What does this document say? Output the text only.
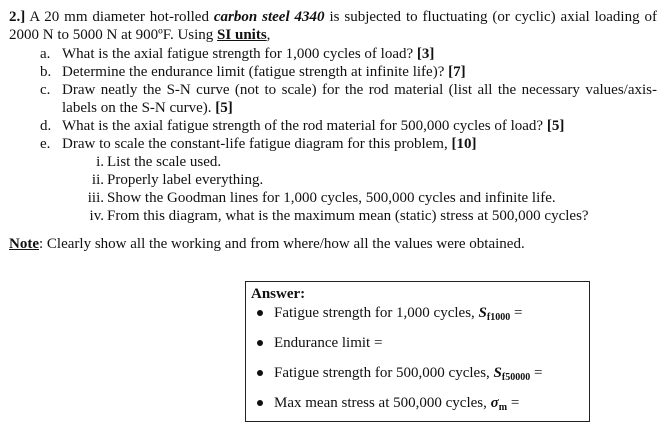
2.] A 20 mm diameter hot-rolled carbon steel 4340 is subjected to fluctuating (or cyclic) axial loading of 2000 N to 5000 N at 900ºF. Using SI units,

a. What is the axial fatigue strength for 1,000 cycles of load? [3]
b. Determine the endurance limit (fatigue strength at infinite life)? [7]
c. Draw neatly the S-N curve (not to scale) for the rod material (list all the necessary values/axis-labels on the S-N curve). [5]
d. What is the axial fatigue strength of the rod material for 500,000 cycles of load? [5]
e. Draw to scale the constant-life fatigue diagram for this problem, [10]
i. List the scale used.
ii. Properly label everything.
iii. Show the Goodman lines for 1,000 cycles, 500,000 cycles and infinite life.
iv. From this diagram, what is the maximum mean (static) stress at 500,000 cycles?
Note: Clearly show all the working and from where/how all the values were obtained.
Answer:
Fatigue strength for 1,000 cycles, $S_{f1000}$ =
Endurance limit =
Fatigue strength for 500,000 cycles, $S_{f50000}$ =
Max mean stress at 500,000 cycles, $\sigma_m$ =
